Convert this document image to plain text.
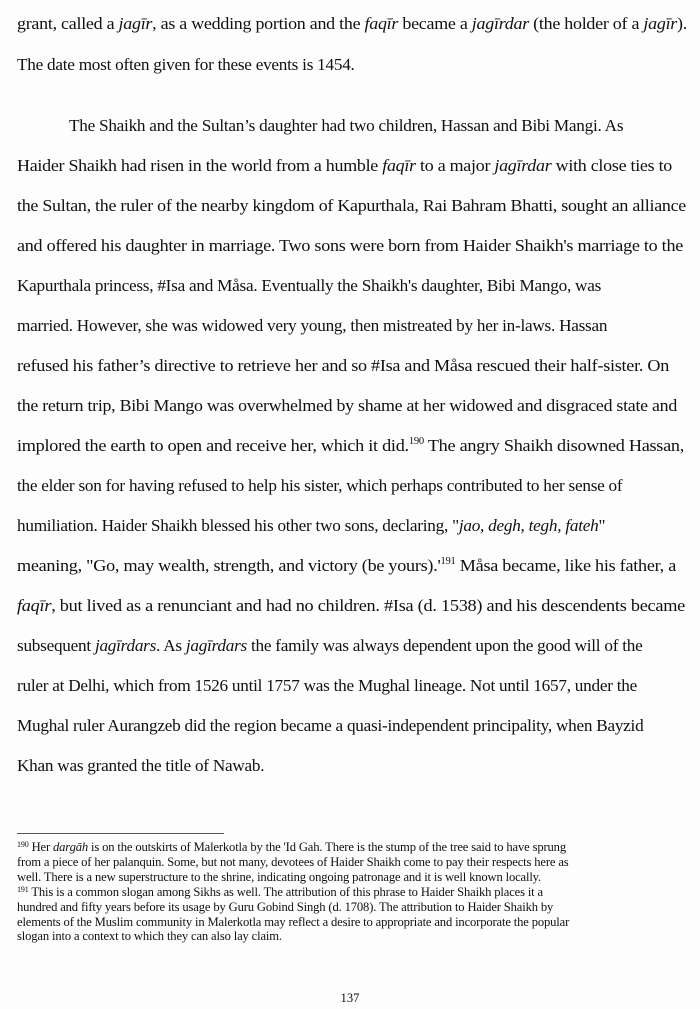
grant, called a jagīr, as a wedding portion and the faqīr became a jagīrdar (the holder of a jagīr).
The date most often given for these events is 1454.
The Shaikh and the Sultan’s daughter had two children, Hassan and Bibi Mangi. As
Haider Shaikh had risen in the world from a humble faqīr to a major jagīrdar with close ties to
the Sultan, the ruler of the nearby kingdom of Kapurthala, Rai Bahram Bhatti, sought an alliance
and offered his daughter in marriage. Two sons were born from Haider Shaikh's marriage to the
Kapurthala princess, #Isa and Måsa. Eventually the Shaikh's daughter, Bibi Mango, was
married. However, she was widowed very young, then mistreated by her in-laws. Hassan
refused his father’s directive to retrieve her and so #Isa and Måsa rescued their half-sister. On
the return trip, Bibi Mango was overwhelmed by shame at her widowed and disgraced state and
implored the earth to open and receive her, which it did.$^{190}$ The angry Shaikh disowned Hassan,
the elder son for having refused to help his sister, which perhaps contributed to her sense of
humiliation. Haider Shaikh blessed his other two sons, declaring, "jao, degh, tegh, fateh"
meaning, "Go, may wealth, strength, and victory (be $yours).'^{191}$ Måsa became, like his father, a
faqīr, but lived as a renunciant and had no children. #Isa (d. 1538) and his descendents became
subsequent jagīrdars. As jagīrdars the family was always dependent upon the good will of the
ruler at Delhi, which from 1526 until 1757 was the Mughal lineage. Not until 1657, under the
Mughal ruler Aurangzeb did the region became a quasi-independent principality, when Bayzid
Khan was granted the title of Nawab.
$^{190}$ Her dargāh is on the outskirts of Malerkotla by the 'Id Gah. There is the stump of the tree said to have sprung
from a piece of her palanquin. Some, but not many, devotees of Haider Shaikh come to pay their respects here as
well. There is a new superstructure to the shrine, indicating ongoing patronage and it is well known locally.
$^{191}$ This is a common slogan among Sikhs as well. The attribution of this phrase to Haider Shaikh places it a
hundred and fifty years before its usage by Guru Gobind Singh (d. 1708). The attribution to Haider Shaikh by
elements of the Muslim community in Malerkotla may reflect a desire to appropriate and incorporate the popular
slogan into a context to which they can also lay claim.
137
